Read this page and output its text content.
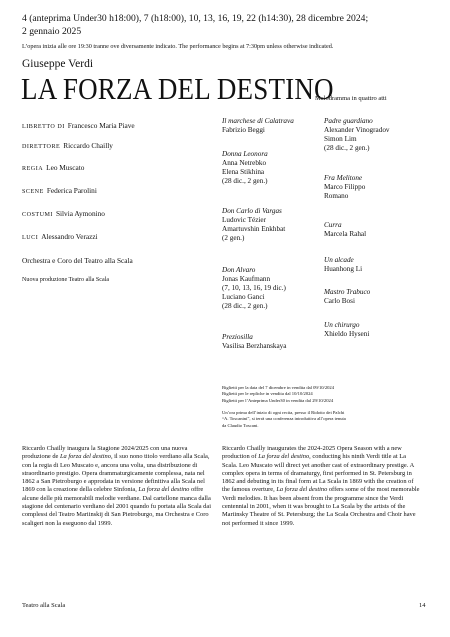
4 (anteprima Under30 h18:00), 7 (h18:00), 10, 13, 16, 19, 22 (h14:30), 28 dicembre 2024;
2 gennaio 2025
L’opera inizia alle ore 19:30 tranne ove diversamente indicato. The performance begins at 7:30pm unless otherwise indicated.
Giuseppe Verdi
LA FORZA DEL DESTINO
Melodramma in quattro atti
LIBRETTO DI Francesco Maria Piave
DIRETTORE Riccardo Chailly
REGIA Leo Muscato
SCENE Federica Parolini
COSTUMI Silvia Aymonino
LUCI Alessandro Verazzi
Orchestra e Coro del Teatro alla Scala
Nuova produzione Teatro alla Scala
Il marchese di Calatrava
Fabrizio Beggi
Donna Leonora
Anna Netrebko
Elena Stikhina
(28 dic., 2 gen.)
Don Carlo di Vargas
Ludovic Tézier
Amartuvshin Enkhbat
(2 gen.)
Don Alvaro
Jonas Kaufmann
(7, 10, 13, 16, 19 dic.)
Luciano Ganci
(28 dic., 2 gen.)
Preziosilla
Vasilisa Berzhanskaya
Padre guardiano
Alexander Vinogradov
Simon Lim
(28 dic., 2 gen.)
Fra Melitone
Marco Filippo
Romano
Curra
Marcela Rahal
Un alcade
Huanhong Li
Mastro Trabuco
Carlo Bosi
Un chirurgo
Xhieldo Hyseni
Biglietti per la data del 7 dicembre in vendita dal 09/10/2024
Biglietti per le repliche in vendita dal 10/10/2024
Biglietti per l’Anteprima Under30 in vendita dal 29/10/2024
Un’ora prima dell’inizio di ogni recita, presso il Ridotto dei Palchi
“A. Toscanini”, si terrà una conferenza introduttiva all’opera tenuta
da Claudio Toscani.
Riccardo Chailly inaugura la Stagione 2024/2025 con una nuova produzione de La forza del destino, il suo nono titolo verdiano alla Scala, con la regia di Leo Muscato e, ancora una volta, una distribuzione di straordinario prestigio. Opera drammaturgicamente complessa, nata nel 1862 a San Pietroburgo e approdata in versione definitiva alla Scala nel 1869 con la creazione della celebre Sinfonia, La forza del destino offre alcune delle più memorabili melodie verdiane. Dal cartellone manca dalla stagione del centenario verdiano del 2001 quando fu portata alla Scala dai complessi del Teatro Mariinskij di San Pietroburgo, ma Orchestra e Coro scaligeri non la eseguono dal 1999.
Riccardo Chailly inaugurates the 2024-2025 Opera Season with a new production of La forza del destino, conducting his ninth Verdi title at La Scala. Leo Muscato will direct yet another cast of extraordinary prestige. A complex opera in terms of dramaturgy, first performed in St. Petersburg in 1862 and debuting in its final form at La Scala in 1869 with the creation of the famous overture, La forza del destino offers some of the most memorable Verdi melodies. It has been absent from the programme since the Verdi centennial in 2001, when it was brought to La Scala by the artists of the Mariinsky Theatre of St. Petersburg; the La Scala Orchestra and Choir have not performed it since 1999.
Teatro alla Scala	14
